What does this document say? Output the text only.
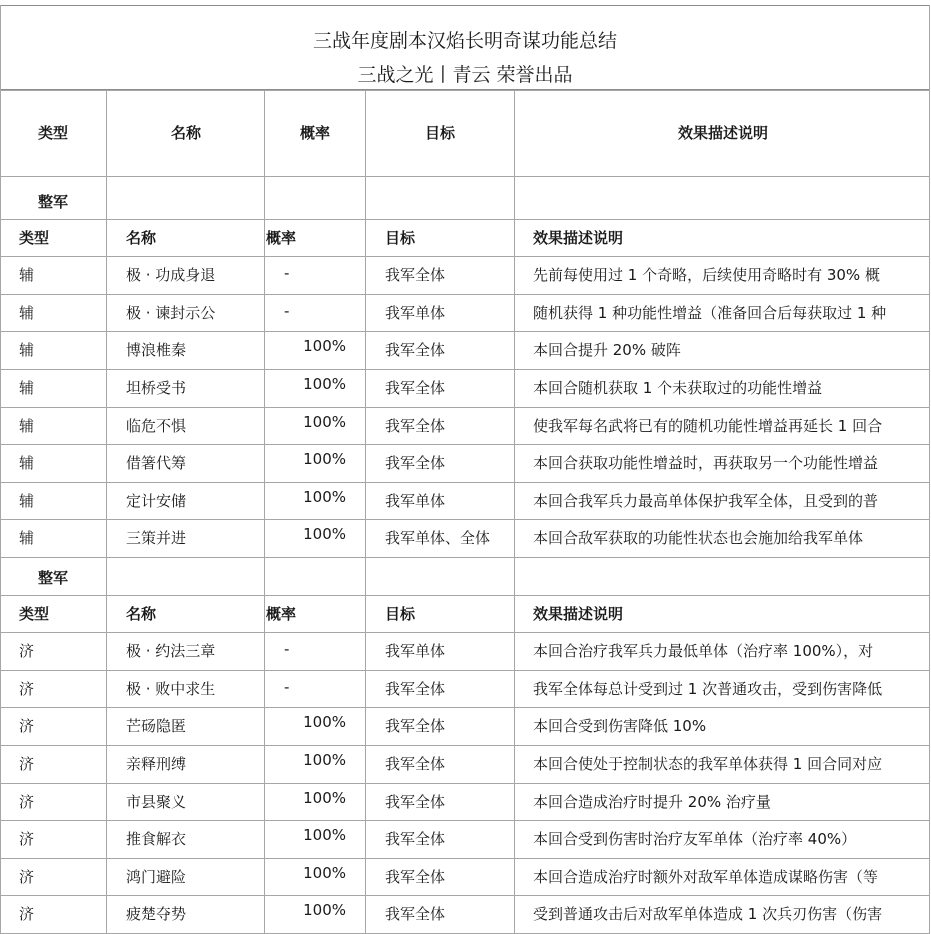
三战年度剧本汉焰长明奇谋功能总结
三战之光丨青云 荣誉出品
类型	名称	概率	目标	效果描述说明
整军
类型	名称	概率	目标	效果描述说明
辅	极 · 功成身退	-	我军全体	先前每使用过 1 个奇略，后续使用奇略时有 30% 概
辅	极 · 谏封示公	-	我军单体	随机获得 1 种功能性增益（准备回合后每获取过 1 种
辅	博浪椎秦	100%	我军全体	本回合提升 20% 破阵
辅	坦桥受书	100%	我军全体	本回合随机获取 1 个未获取过的功能性增益
辅	临危不惧	100%	我军全体	使我军每名武将已有的随机功能性增益再延长 1 回合
辅	借箸代筹	100%	我军全体	本回合获取功能性增益时，再获取另一个功能性增益
辅	定计安储	100%	我军单体	本回合我军兵力最高单体保护我军全体，且受到的普
辅	三策并进	100%	我军单体、全体	本回合敌军获取的功能性状态也会施加给我军单体
整军
类型	名称	概率	目标	效果描述说明
济	极 · 约法三章	-	我军单体	本回合治疗我军兵力最低单体（治疗率 100%），对
济	极 · 败中求生	-	我军全体	我军全体每总计受到过 1 次普通攻击，受到伤害降低
济	芒砀隐匿	100%	我军全体	本回合受到伤害降低 10%
济	亲释刑缚	100%	我军全体	本回合使处于控制状态的我军单体获得 1 回合同对应
济	市县聚义	100%	我军全体	本回合造成治疗时提升 20% 治疗量
济	推食解衣	100%	我军全体	本回合受到伤害时治疗友军单体（治疗率 40%）
济	鸿门避险	100%	我军全体	本回合造成治疗时额外对敌军单体造成谋略伤害（等
济	疲楚夺势	100%	我军全体	受到普通攻击后对敌军单体造成 1 次兵刃伤害（伤害
